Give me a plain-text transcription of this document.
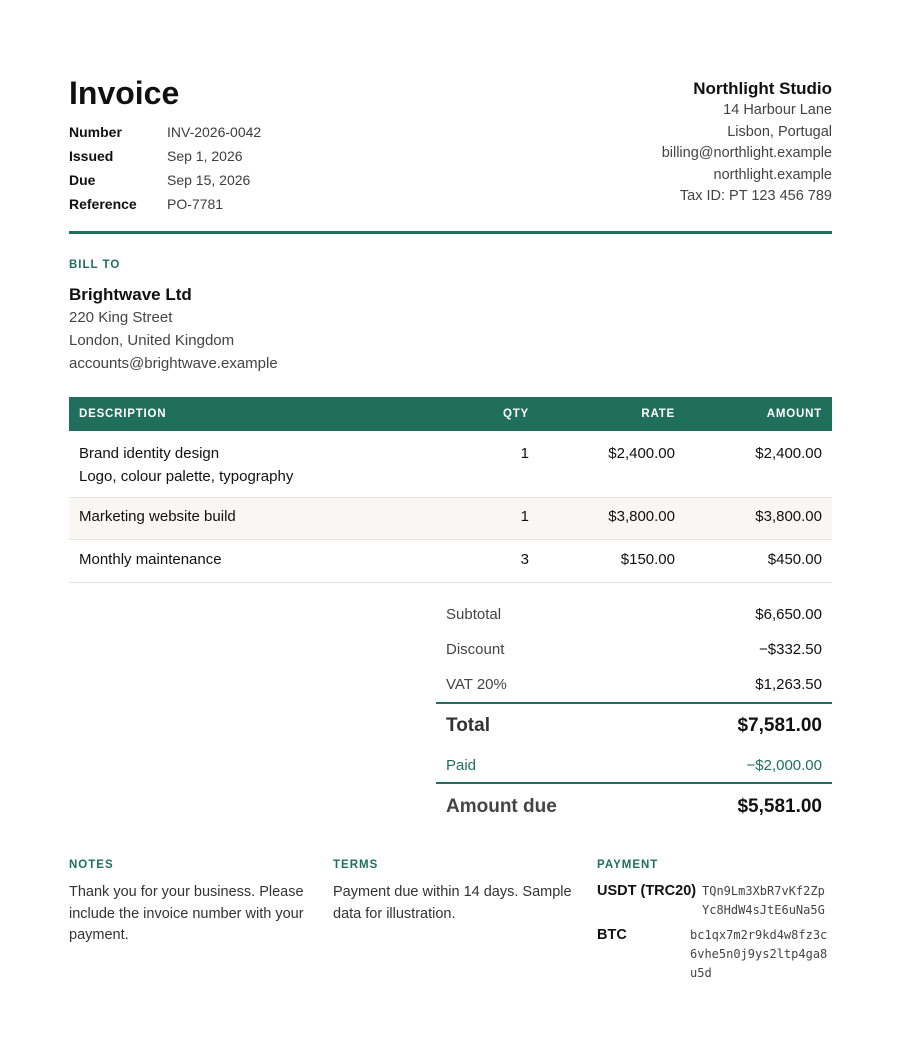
Invoice
Number	INV-2026-0042
Issued	Sep 1, 2026
Due	Sep 15, 2026
Reference	PO-7781
Northlight Studio
14 Harbour Lane
Lisbon, Portugal
billing@northlight.example
northlight.example
Tax ID: PT 123 456 789
BILL TO
Brightwave Ltd
220 King Street
London, United Kingdom
accounts@brightwave.example
DESCRIPTION	QTY	RATE	AMOUNT

Brand identity design
Logo, colour palette, typography	1	$2,400.00	$2,400.00
Marketing website build	1	$3,800.00	$3,800.00
Monthly maintenance	3	$150.00	$450.00
Subtotal	$6,650.00
Discount	−$332.50
VAT 20%	$1,263.50
Total	$7,581.00
Paid	−$2,000.00
Amount due	$5,581.00
NOTES
Thank you for your business. Please include the invoice number with your payment.
TERMS
Payment due within 14 days. Sample data for illustration.
PAYMENT
USDT (TRC20) TQn9Lm3XbR7vKf2ZpYc8HdW4sJtE6uNa5G
BTC	bc1qx7m2r9kd4w8fz3c6vhe5n0j9ys2ltp4ga8u5d
